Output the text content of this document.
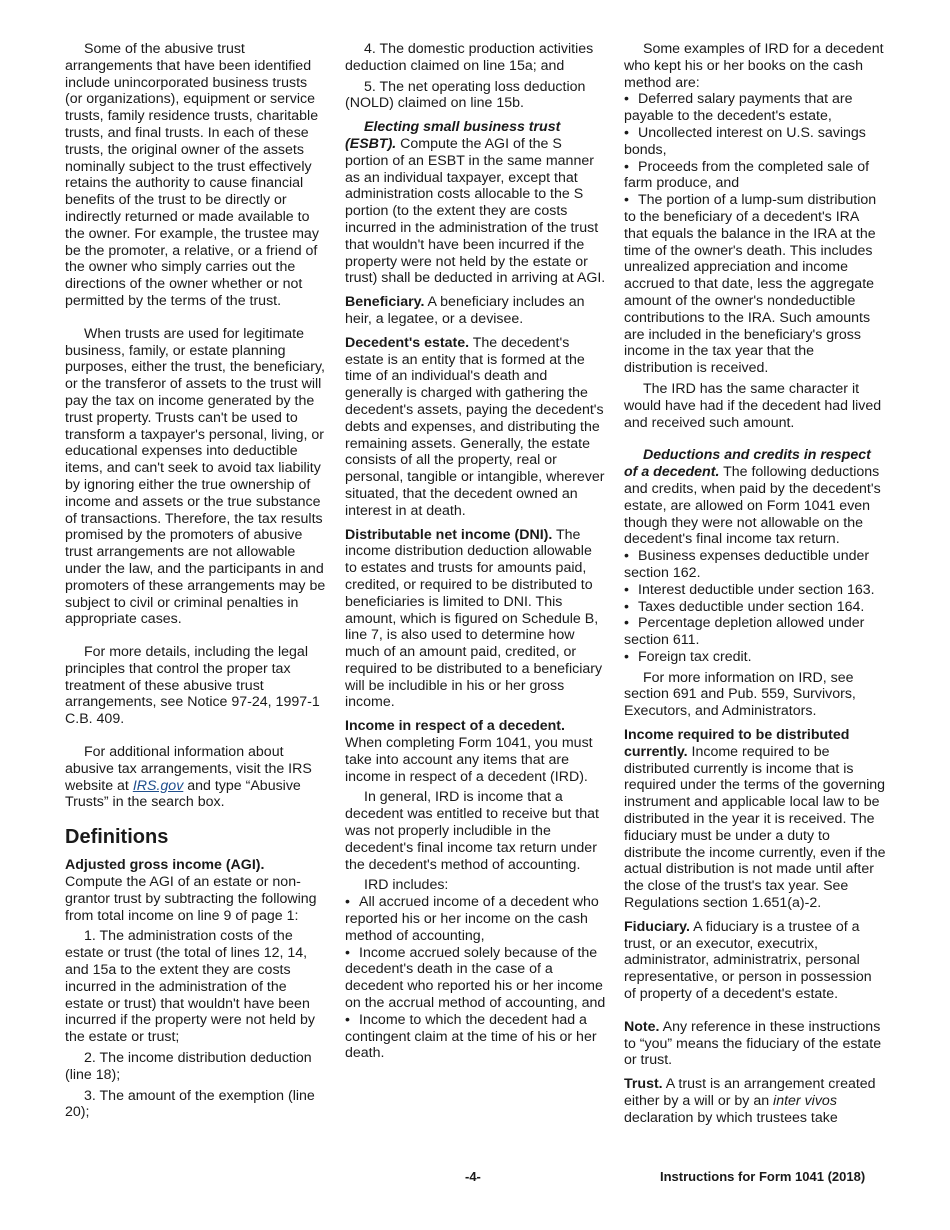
Some of the abusive trust arrangements that have been identified include unincorporated business trusts (or organizations), equipment or service trusts, family residence trusts, charitable trusts, and final trusts. In each of these trusts, the original owner of the assets nominally subject to the trust effectively retains the authority to cause financial benefits of the trust to be directly or indirectly returned or made available to the owner. For example, the trustee may be the promoter, a relative, or a friend of the owner who simply carries out the directions of the owner whether or not permitted by the terms of the trust.

When trusts are used for legitimate business, family, or estate planning purposes, either the trust, the beneficiary, or the transferor of assets to the trust will pay the tax on income generated by the trust property. Trusts can't be used to transform a taxpayer's personal, living, or educational expenses into deductible items, and can't seek to avoid tax liability by ignoring either the true ownership of income and assets or the true substance of transactions. Therefore, the tax results promised by the promoters of abusive trust arrangements are not allowable under the law, and the participants in and promoters of these arrangements may be subject to civil or criminal penalties in appropriate cases.

For more details, including the legal principles that control the proper tax treatment of these abusive trust arrangements, see Notice 97-24, 1997-1 C.B. 409.

For additional information about abusive tax arrangements, visit the IRS website at IRS.gov and type “Abusive Trusts” in the search box.

Definitions

Adjusted gross income (AGI).
Compute the AGI of an estate or non-grantor trust by subtracting the following from total income on line 9 of page 1:

1. The administration costs of the estate or trust (the total of lines 12, 14, and 15a to the extent they are costs incurred in the administration of the estate or trust) that wouldn't have been incurred if the property were not held by the estate or trust;

2. The income distribution deduction (line 18);

3. The amount of the exemption (line 20);

4. The domestic production activities deduction claimed on line 15a; and

5. The net operating loss deduction (NOLD) claimed on line 15b.

Electing small business trust (ESBT). Compute the AGI of the S portion of an ESBT in the same manner as an individual taxpayer, except that administration costs allocable to the S portion (to the extent they are costs incurred in the administration of the trust that wouldn't have been incurred if the property were not held by the estate or trust) shall be deducted in arriving at AGI.

Beneficiary. A beneficiary includes an heir, a legatee, or a devisee.

Decedent's estate. The decedent's estate is an entity that is formed at the time of an individual's death and generally is charged with gathering the decedent's assets, paying the decedent's debts and expenses, and distributing the remaining assets. Generally, the estate consists of all the property, real or personal, tangible or intangible, wherever situated, that the decedent owned an interest in at death.

Distributable net income (DNI). The income distribution deduction allowable to estates and trusts for amounts paid, credited, or required to be distributed to beneficiaries is limited to DNI. This amount, which is figured on Schedule B, line 7, is also used to determine how much of an amount paid, credited, or required to be distributed to a beneficiary will be includible in his or her gross income.

Income in respect of a decedent.
When completing Form 1041, you must take into account any items that are income in respect of a decedent (IRD).

In general, IRD is income that a decedent was entitled to receive but that was not properly includible in the decedent's final income tax return under the decedent's method of accounting.

IRD includes:

• All accrued income of a decedent who reported his or her income on the cash method of accounting,

• Income accrued solely because of the decedent's death in the case of a decedent who reported his or her income on the accrual method of accounting, and

• Income to which the decedent had a contingent claim at the time of his or her death.

Some examples of IRD for a decedent who kept his or her books on the cash method are:

• Deferred salary payments that are payable to the decedent's estate,

• Uncollected interest on U.S. savings bonds,

• Proceeds from the completed sale of farm produce, and

• The portion of a lump-sum distribution to the beneficiary of a decedent's IRA that equals the balance in the IRA at the time of the owner's death. This includes unrealized appreciation and income accrued to that date, less the aggregate amount of the owner's nondeductible contributions to the IRA. Such amounts are included in the beneficiary's gross income in the tax year that the distribution is received.

The IRD has the same character it would have had if the decedent had lived and received such amount.

Deductions and credits in respect of a decedent. The following deductions and credits, when paid by the decedent's estate, are allowed on Form 1041 even though they were not allowable on the decedent's final income tax return.

• Business expenses deductible under section 162.

• Interest deductible under section 163.

• Taxes deductible under section 164.

• Percentage depletion allowed under section 611.

• Foreign tax credit.

For more information on IRD, see section 691 and Pub. 559, Survivors, Executors, and Administrators.

Income required to be distributed currently. Income required to be distributed currently is income that is required under the terms of the governing instrument and applicable local law to be distributed in the year it is received. The fiduciary must be under a duty to distribute the income currently, even if the actual distribution is not made until after the close of the trust's tax year. See Regulations section 1.651(a)-2.

Fiduciary. A fiduciary is a trustee of a trust, or an executor, executrix, administrator, administratrix, personal representative, or person in possession of property of a decedent's estate.

Note. Any reference in these instructions to “you” means the fiduciary of the estate or trust.

Trust. A trust is an arrangement created either by a will or by an inter vivos declaration by which trustees take

-4-	Instructions for Form 1041 (2018)
